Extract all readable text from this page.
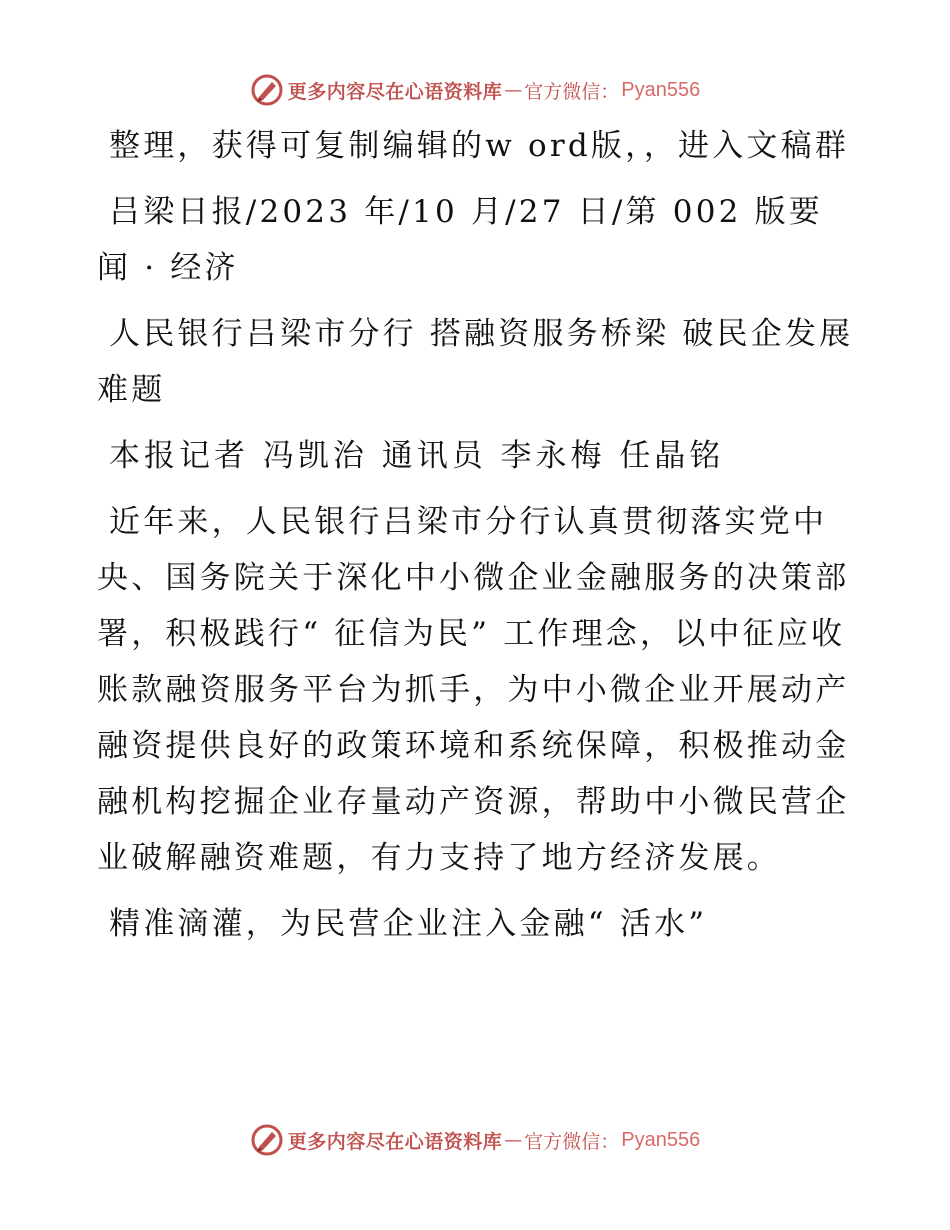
更多内容尽在心语资料库 — 官方微信： Pyan556

整理，获得可复制编辑的w ord版，，进入文稿群

吕梁日报/2023 年/10 月/27 日/第 002 版要闻 · 经济

人民银行吕梁市分行 搭融资服务桥梁 破民企发展难题

本报记者 冯凯治 通讯员 李永梅 任晶铭

近年来，人民银行吕梁市分行认真贯彻落实党中央、国务院关于深化中小微企业金融服务的决策部署，积极践行“ 征信为民” 工作理念，以中征应收账款融资服务平台为抓手，为中小微企业开展动产融资提供良好的政策环境和系统保障，积极推动金融机构挖掘企业存量动产资源，帮助中小微民营企业破解融资难题，有力支持了地方经济发展。

精准滴灌，为民营企业注入金融“ 活水”

更多内容尽在心语资料库 — 官方微信： Pyan556
